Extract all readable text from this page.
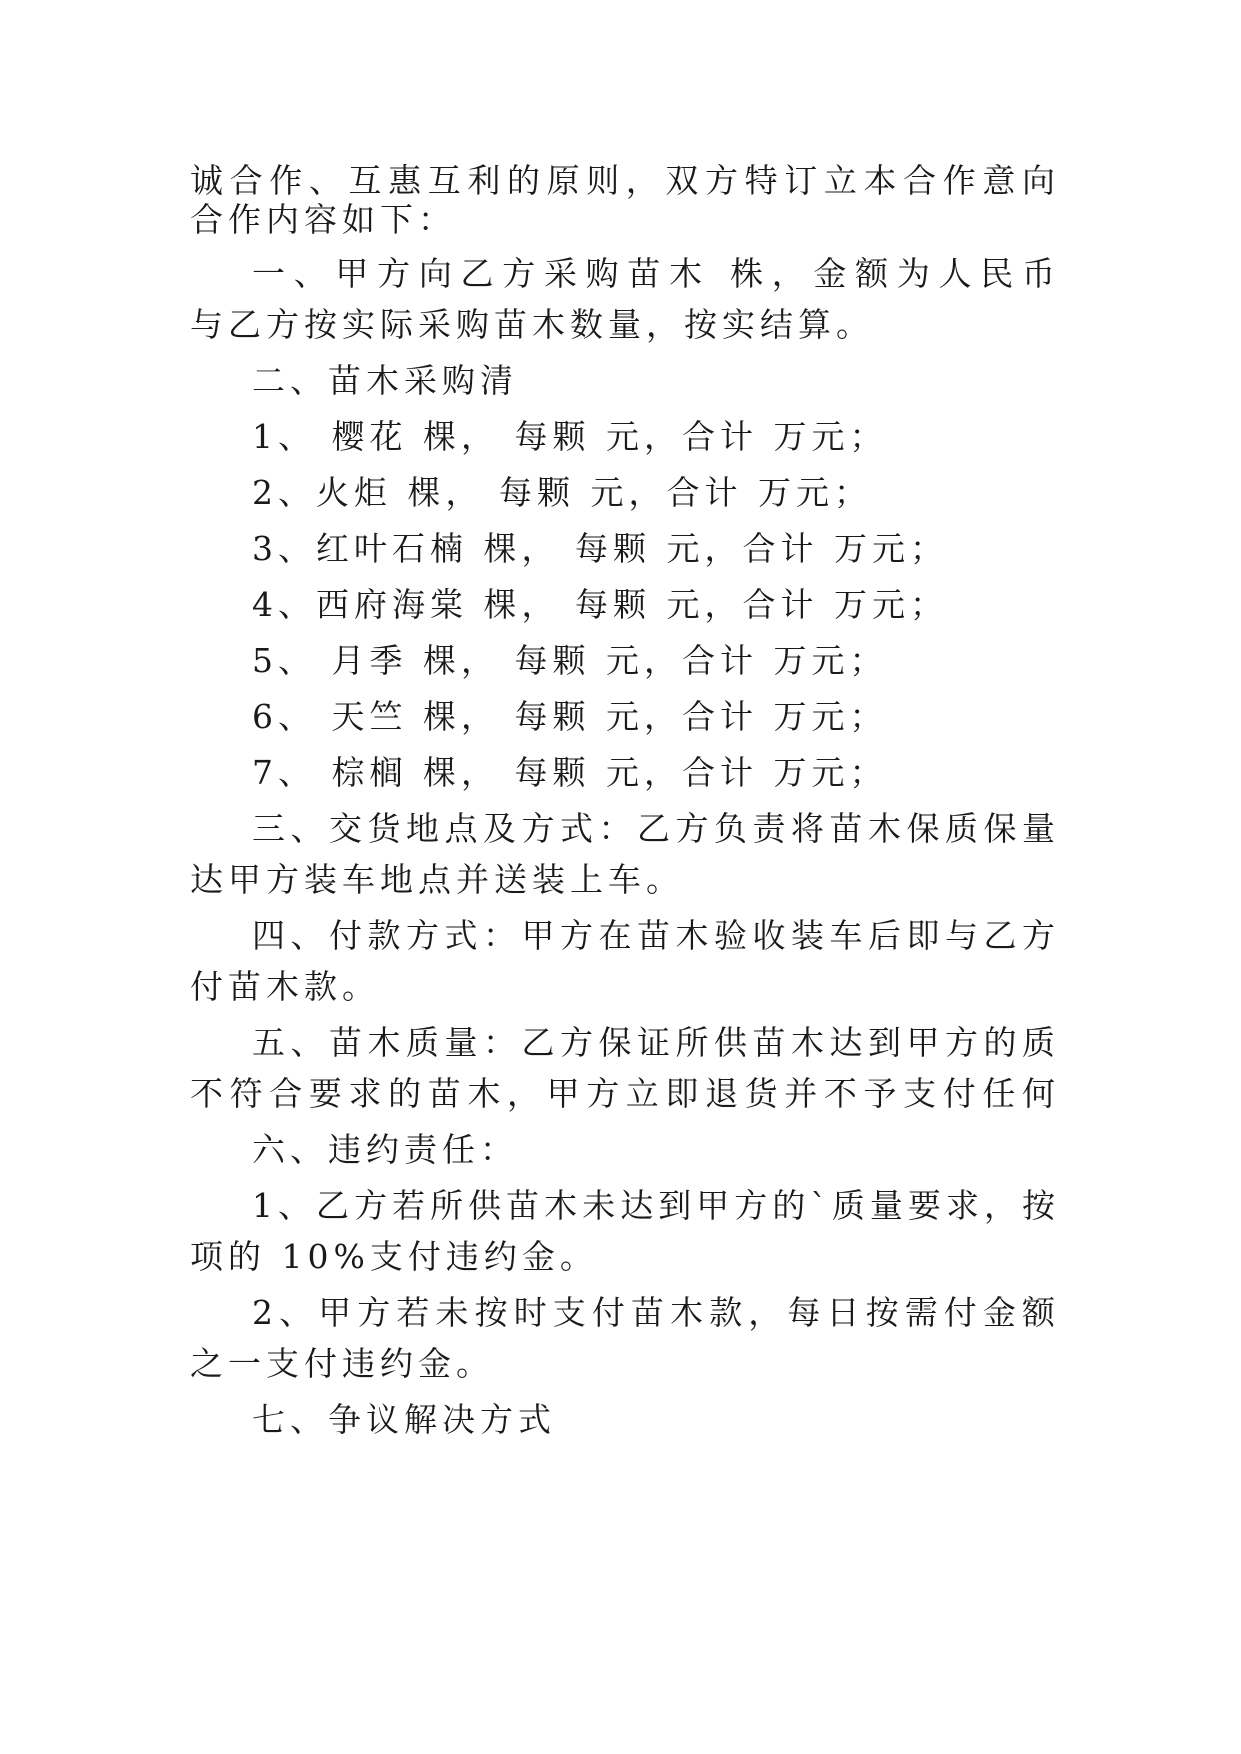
诚合作、互惠互利的原则，双方特订立本合作意向
合作内容如下：
一、甲方向乙方采购苗木 株，金额为人民币
与乙方按实际采购苗木数量，按实结算。
二、苗木采购清
1、 樱花 棵， 每颗 元，合计 万元；
2、火炬 棵， 每颗 元，合计 万元；
3、红叶石楠 棵， 每颗 元，合计 万元；
4、西府海棠 棵， 每颗 元，合计 万元；
5、 月季 棵， 每颗 元，合计 万元；
6、 天竺 棵， 每颗 元，合计 万元；
7、 棕榈 棵， 每颗 元，合计 万元；
三、交货地点及方式：乙方负责将苗木保质保量
达甲方装车地点并送装上车。
四、付款方式：甲方在苗木验收装车后即与乙方
付苗木款。
五、苗木质量：乙方保证所供苗木达到甲方的质
不符合要求的苗木，甲方立即退货并不予支付任何
六、违约责任：
1、乙方若所供苗木未达到甲方的`质量要求，按
项的 10%支付违约金。
2、甲方若未按时支付苗木款，每日按需付金额
之一支付违约金。
七、争议解决方式
